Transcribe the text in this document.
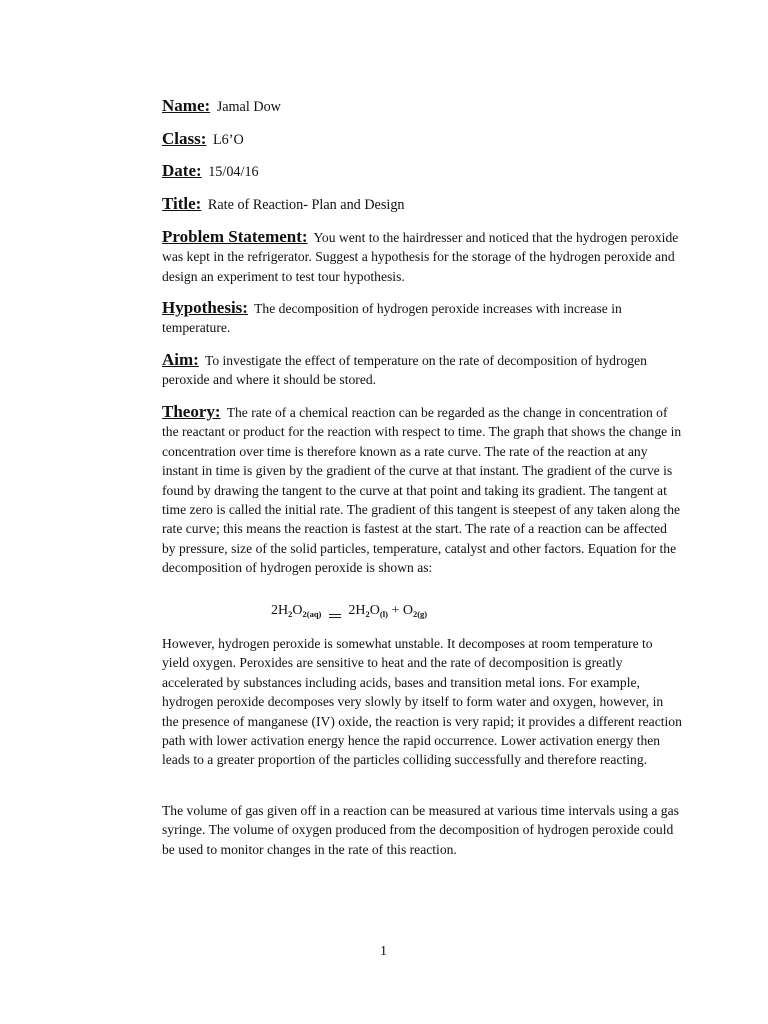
Name: Jamal Dow
Class: L6’O
Date: 15/04/16
Title: Rate of Reaction- Plan and Design
Problem Statement: You went to the hairdresser and noticed that the hydrogen peroxide was kept in the refrigerator. Suggest a hypothesis for the storage of the hydrogen peroxide and design an experiment to test tour hypothesis.
Hypothesis: The decomposition of hydrogen peroxide increases with increase in temperature.
Aim: To investigate the effect of temperature on the rate of decomposition of hydrogen peroxide and where it should be stored.
Theory: The rate of a chemical reaction can be regarded as the change in concentration of the reactant or product for the reaction with respect to time. The graph that shows the change in concentration over time is therefore known as a rate curve. The rate of the reaction at any instant in time is given by the gradient of the curve at that instant. The gradient of the curve is found by drawing the tangent to the curve at that point and taking its gradient. The tangent at time zero is called the initial rate. The gradient of this tangent is steepest of any taken along the rate curve; this means the reaction is fastest at the start. The rate of a reaction can be affected by pressure, size of the solid particles, temperature, catalyst and other factors. Equation for the decomposition of hydrogen peroxide is shown as:
$2H_2O_{2(aq)}$ $2H_2O_{(l)} + O_{2(g)}$
However, hydrogen peroxide is somewhat unstable. It decomposes at room temperature to yield oxygen. Peroxides are sensitive to heat and the rate of decomposition is greatly accelerated by substances including acids, bases and transition metal ions. For example, hydrogen peroxide decomposes very slowly by itself to form water and oxygen, however, in the presence of manganese (IV) oxide, the reaction is very rapid; it provides a different reaction path with lower activation energy hence the rapid occurrence. Lower activation energy then leads to a greater proportion of the particles colliding successfully and therefore reacting.
The volume of gas given off in a reaction can be measured at various time intervals using a gas syringe. The volume of oxygen produced from the decomposition of hydrogen peroxide could be used to monitor changes in the rate of this reaction.
1
